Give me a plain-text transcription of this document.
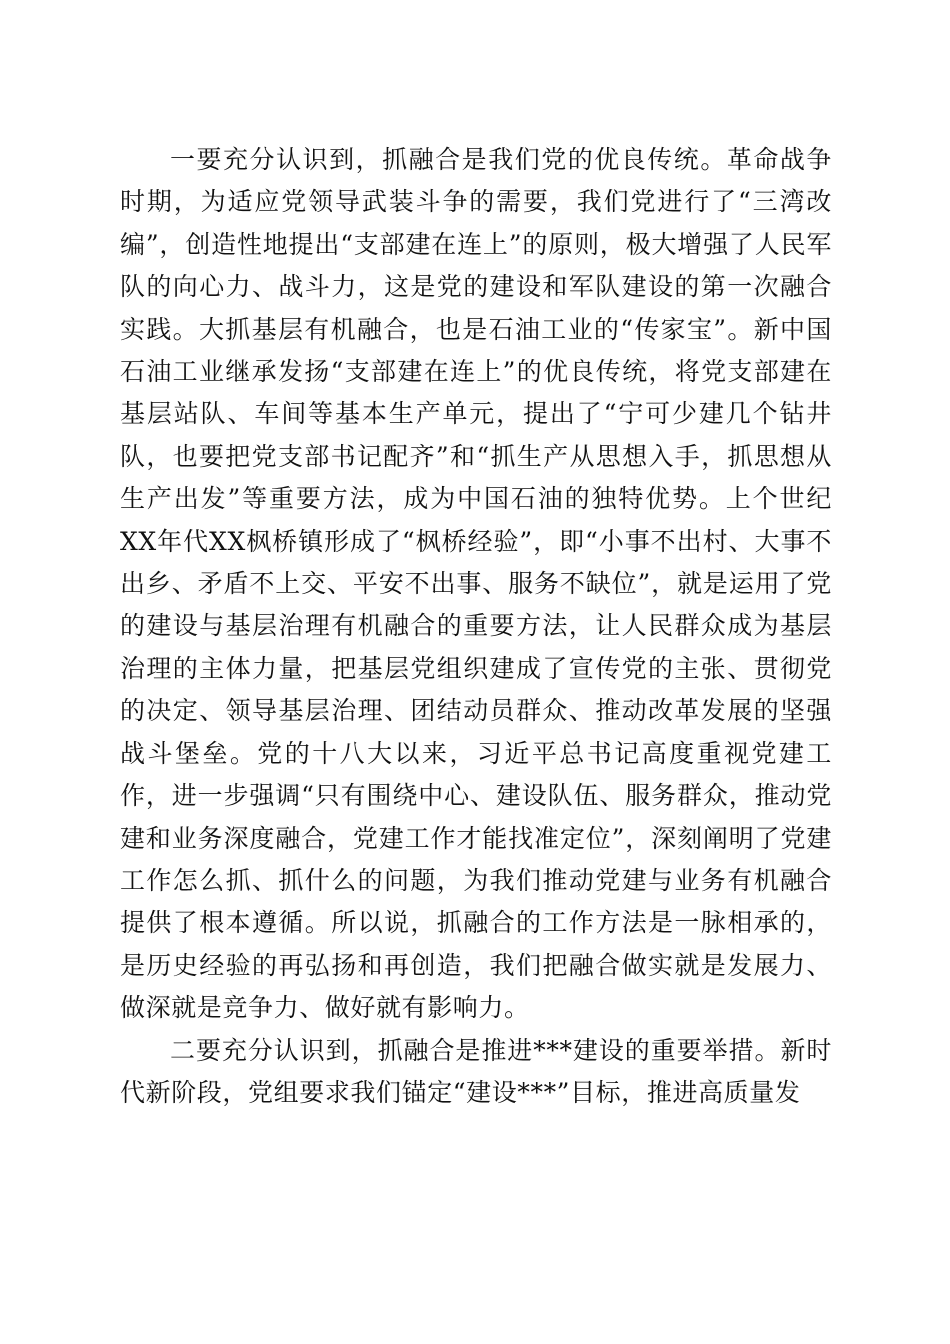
一要充分认识到，抓融合是我们党的优良传统。革命战争时期，为适应党领导武装斗争的需要，我们党进行了“三湾改编”，创造性地提出“支部建在连上”的原则，极大增强了人民军队的向心力、战斗力，这是党的建设和军队建设的第一次融合实践。大抓基层有机融合，也是石油工业的“传家宝”。新中国石油工业继承发扬“支部建在连上”的优良传统，将党支部建在基层站队、车间等基本生产单元，提出了“宁可少建几个钻井队，也要把党支部书记配齐”和“抓生产从思想入手，抓思想从生产出发”等重要方法，成为中国石油的独特优势。上个世纪XX年代XX枫桥镇形成了“枫桥经验”，即“小事不出村、大事不出乡、矛盾不上交、平安不出事、服务不缺位”，就是运用了党的建设与基层治理有机融合的重要方法，让人民群众成为基层治理的主体力量，把基层党组织建成了宣传党的主张、贯彻党的决定、领导基层治理、团结动员群众、推动改革发展的坚强战斗堡垒。党的十八大以来，习近平总书记高度重视党建工作，进一步强调“只有围绕中心、建设队伍、服务群众，推动党建和业务深度融合，党建工作才能找准定位”，深刻阐明了党建工作怎么抓、抓什么的问题，为我们推动党建与业务有机融合提供了根本遵循。所以说，抓融合的工作方法是一脉相承的，是历史经验的再弘扬和再创造，我们把融合做实就是发展力、做深就是竞争力、做好就有影响力。

二要充分认识到，抓融合是推进***建设的重要举措。新时代新阶段，党组要求我们锚定“建设***”目标，推进高质量发
